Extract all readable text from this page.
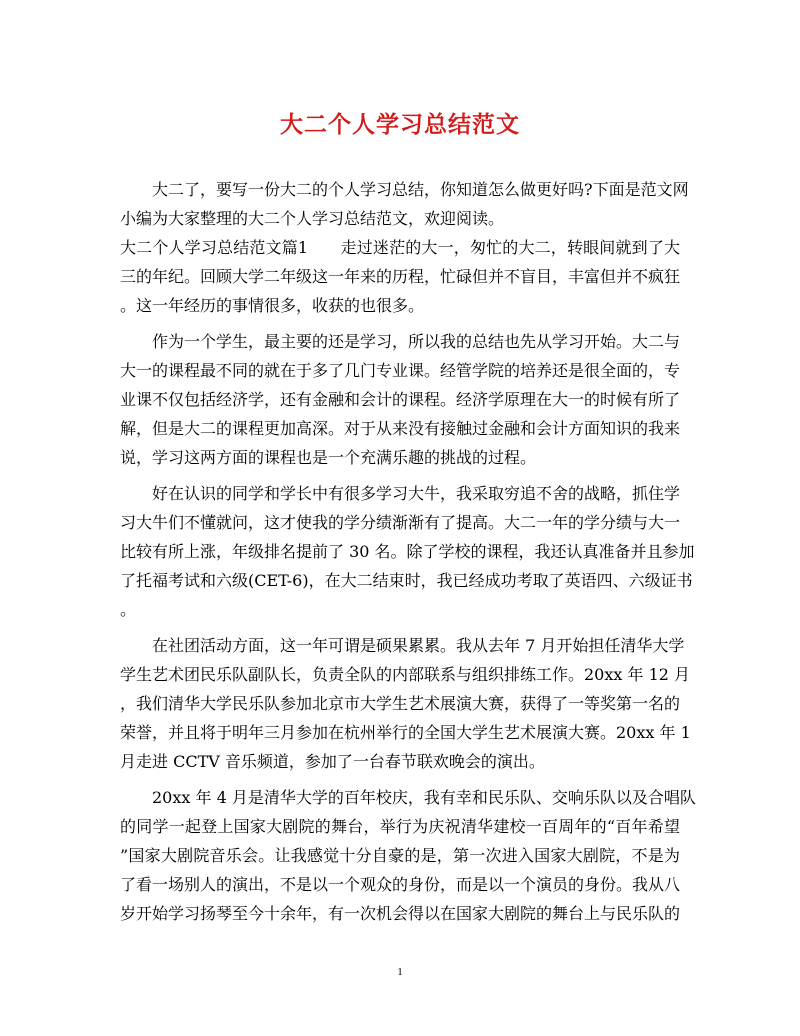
大二个人学习总结范文
　　大二了，要写一份大二的个人学习总结，你知道怎么做更好吗?下面是范文网
小编为大家整理的大二个人学习总结范文，欢迎阅读。
大二个人学习总结范文篇1　　走过迷茫的大一，匆忙的大二，转眼间就到了大
三的年纪。回顾大学二年级这一年来的历程，忙碌但并不盲目，丰富但并不疯狂
。这一年经历的事情很多，收获的也很多。
　　作为一个学生，最主要的还是学习，所以我的总结也先从学习开始。大二与
大一的课程最不同的就在于多了几门专业课。经管学院的培养还是很全面的，专
业课不仅包括经济学，还有金融和会计的课程。经济学原理在大一的时候有所了
解，但是大二的课程更加高深。对于从来没有接触过金融和会计方面知识的我来
说，学习这两方面的课程也是一个充满乐趣的挑战的过程。
　　好在认识的同学和学长中有很多学习大牛，我采取穷追不舍的战略，抓住学
习大牛们不懂就问，这才使我的学分绩渐渐有了提高。大二一年的学分绩与大一
比较有所上涨，年级排名提前了 30 名。除了学校的课程，我还认真准备并且参加
了托福考试和六级(CET-6)，在大二结束时，我已经成功考取了英语四、六级证书
。
　　在社团活动方面，这一年可谓是硕果累累。我从去年 7 月开始担任清华大学
学生艺术团民乐队副队长，负责全队的内部联系与组织排练工作。20xx 年 12 月
，我们清华大学民乐队参加北京市大学生艺术展演大赛，获得了一等奖第一名的
荣誉，并且将于明年三月参加在杭州举行的全国大学生艺术展演大赛。20xx 年 1
月走进 CCTV 音乐频道，参加了一台春节联欢晚会的演出。
　　20xx 年 4 月是清华大学的百年校庆，我有幸和民乐队、交响乐队以及合唱队
的同学一起登上国家大剧院的舞台，举行为庆祝清华建校一百周年的“百年希望
”国家大剧院音乐会。让我感觉十分自豪的是，第一次进入国家大剧院，不是为
了看一场别人的演出，不是以一个观众的身份，而是以一个演员的身份。我从八
岁开始学习扬琴至今十余年，有一次机会得以在国家大剧院的舞台上与民乐队的
1
